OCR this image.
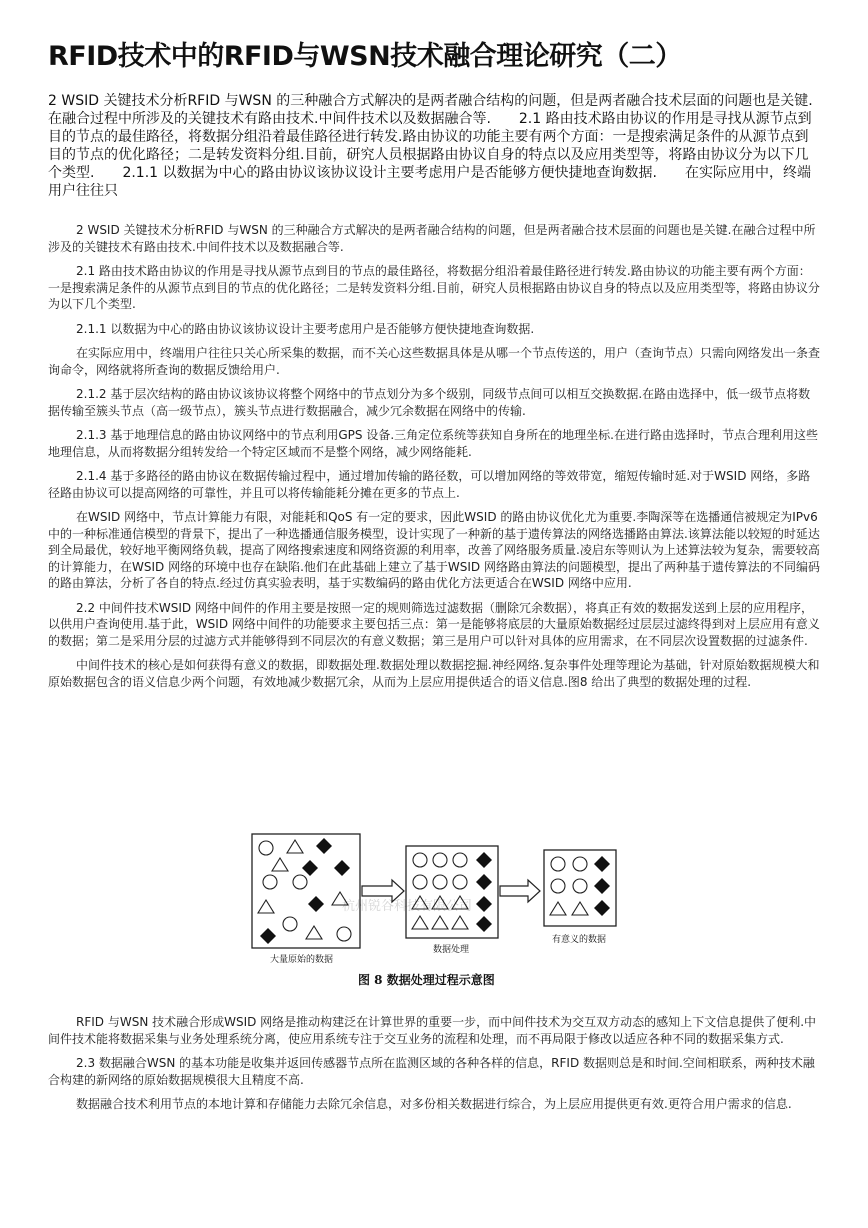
RFID技术中的RFID与WSN技术融合理论研究（二）
2 WSID 关键技术分析RFID 与WSN 的三种融合方式解决的是两者融合结构的问题，但是两者融合技术层面的问题也是关键.在融合过程中所涉及的关键技术有路由技术.中间件技术以及数据融合等.　　2.1 路由技术路由协议的作用是寻找从源节点到目的节点的最佳路径，将数据分组沿着最佳路径进行转发.路由协议的功能主要有两个方面：一是搜索满足条件的从源节点到目的节点的优化路径；二是转发资料分组.目前，研究人员根据路由协议自身的特点以及应用类型等，将路由协议分为以下几个类型.　　2.1.1 以数据为中心的路由协议该协议设计主要考虑用户是否能够方便快捷地查询数据.　　在实际应用中，终端用户往往只

2 WSID 关键技术分析RFID 与WSN 的三种融合方式解决的是两者融合结构的问题，但是两者融合技术层面的问题也是关键.在融合过程中所涉及的关键技术有路由技术.中间件技术以及数据融合等.

2.1 路由技术路由协议的作用是寻找从源节点到目的节点的最佳路径，将数据分组沿着最佳路径进行转发.路由协议的功能主要有两个方面：一是搜索满足条件的从源节点到目的节点的优化路径；二是转发资料分组.目前，研究人员根据路由协议自身的特点以及应用类型等，将路由协议分为以下几个类型.

2.1.1 以数据为中心的路由协议该协议设计主要考虑用户是否能够方便快捷地查询数据.

在实际应用中，终端用户往往只关心所采集的数据，而不关心这些数据具体是从哪一个节点传送的，用户（查询节点）只需向网络发出一条查询命令，网络就将所查询的数据反馈给用户.

2.1.2 基于层次结构的路由协议该协议将整个网络中的节点划分为多个级别，同级节点间可以相互交换数据.在路由选择中，低一级节点将数据传输至簇头节点（高一级节点），簇头节点进行数据融合，减少冗余数据在网络中的传输.

2.1.3 基于地理信息的路由协议网络中的节点利用GPS 设备.三角定位系统等获知自身所在的地理坐标.在进行路由选择时，节点合理利用这些地理信息，从而将数据分组转发给一个特定区域而不是整个网络，减少网络能耗.

2.1.4 基于多路径的路由协议在数据传输过程中，通过增加传输的路径数，可以增加网络的等效带宽，缩短传输时延.对于WSID 网络，多路径路由协议可以提高网络的可靠性，并且可以将传输能耗分摊在更多的节点上.

在WSID 网络中，节点计算能力有限，对能耗和QoS 有一定的要求，因此WSID 的路由协议优化尤为重要.李陶深等在选播通信被规定为IPv6 中的一种标准通信模型的背景下，提出了一种选播通信服务模型，设计实现了一种新的基于遗传算法的网络选播路由算法.该算法能以较短的时延达到全局最优，较好地平衡网络负载，提高了网络搜索速度和网络资源的利用率，改善了网络服务质量.凌启东等则认为上述算法较为复杂，需要较高的计算能力，在WSID 网络的环境中也存在缺陷.他们在此基础上建立了基于WSID 网络路由算法的问题模型，提出了两种基于遗传算法的不同编码的路由算法，分析了各自的特点.经过仿真实验表明，基于实数编码的路由优化方法更适合在WSID 网络中应用.

2.2 中间件技术WSID 网络中间件的作用主要是按照一定的规则筛选过滤数据（删除冗余数据），将真正有效的数据发送到上层的应用程序，以供用户查询使用.基于此，WSID 网络中间件的功能要求主要包括三点：第一是能够将底层的大量原始数据经过层层过滤终得到对上层应用有意义的数据；第二是采用分层的过滤方式并能够得到不同层次的有意义数据；第三是用户可以针对具体的应用需求，在不同层次设置数据的过滤条件.

中间件技术的核心是如何获得有意义的数据，即数据处理.数据处理以数据挖掘.神经网络.复杂事件处理等理论为基础，针对原始数据规模大和原始数据包含的语义信息少两个问题，有效地减少数据冗余，从而为上层应用提供适合的语义信息.图8 给出了典型的数据处理的过程.

杭州锐谷科技有限公司
大量原始的数据
数据处理
有意义的数据
图 8 数据处理过程示意图

RFID 与WSN 技术融合形成WSID 网络是推动构建泛在计算世界的重要一步，而中间件技术为交互双方动态的感知上下文信息提供了便利.中间件技术能将数据采集与业务处理系统分离，使应用系统专注于交互业务的流程和处理，而不再局限于修改以适应各种不同的数据采集方式.

2.3 数据融合WSN 的基本功能是收集并返回传感器节点所在监测区域的各种各样的信息，RFID 数据则总是和时间.空间相联系，两种技术融合构建的新网络的原始数据规模很大且精度不高.

数据融合技术利用节点的本地计算和存储能力去除冗余信息，对多份相关数据进行综合，为上层应用提供更有效.更符合用户需求的信息.
